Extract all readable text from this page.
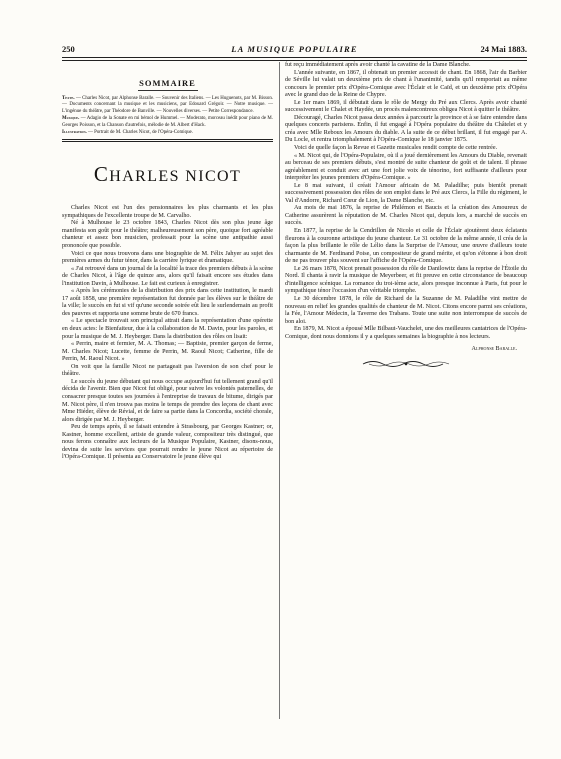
250	LA MUSIQUE POPULAIRE	24 Mai 1883.
SOMMAIRE

Texte. — Charles Nicot, par Alphonse Baralle. — Souvenir des Italiens. — Les Huguenots, par M. Bisson. — Documents concernant la musique et les musiciens, par Edouard Grégoir. — Notre musique. — L'ingénue du théâtre, par Théodore de Banville. — Nouvelles diverses. — Petite Correspondance.

Musique. — Adagio de la Sonate en mi bémol de Hummel. — Moderato, morceau inédit pour piano de M. Georges Poisson, et la Chanson d'autrefois, mélodie de M. Albert d'Hack.

Illustration. — Portrait de M. Charles Nicot, de l'Opéra-Comique.

CHARLES NICOT

Charles Nicot est l'un des pensionnaires les plus charmants et les plus sympathiques de l'excellente troupe de M. Carvalho.

Né à Mulhouse le 23 octobre 1843, Charles Nicot dès son plus jeune âge manifesta son goût pour le théâtre; malheureusement son père, quoique fort agréable chanteur et assez bon musicien, professait pour la scène une antipathie aussi prononcée que possible.

Voici ce que nous trouvons dans une biographie de M. Félix Jahyer au sujet des premières armes du futur ténor, dans la carrière lyrique et dramatique.

« J'ai retrouvé dans un journal de la localité la trace des premiers débuts à la scène de Charles Nicot, à l'âge de quinze ans, alors qu'il faisait encore ses études dans l'institution Davin, à Mulhouse. Le fait est curieux à enregistrer.

« Après les cérémonies de la distribution des prix dans cette institution, le mardi 17 août 1858, une première représentation fut donnée par les élèves sur le théâtre de la ville; le succès en fut si vif qu'une seconde soirée eût lieu le surlendemain au profit des pauvres et rapporta une somme brute de 670 francs.

« Le spectacle trouvait son principal attrait dans la représentation d'une opérette en deux actes: le Bienfaiteur, due à la collaboration de M. Davin, pour les paroles, et pour la musique de M. J. Heyberger. Dans la distribution des rôles on lisait:

« Perrin, maire et fermier, M. A. Thomas; — Baptiste, premier garçon de ferme, M. Charles Nicot; Lucette, femme de Perrin, M. Raoul Nicot; Catherine, fille de Perrin, M. Raoul Nicot. »

On voit que la famille Nicot ne partageait pas l'aversion de son chef pour le théâtre.

Le succès du jeune débutant qui nous occupe aujourd'hui fut tellement grand qu'il décida de l'avenir. Bien que Nicot fut obligé, pour suivre les volontés paternelles, de consacrer presque toutes ses journées à l'entreprise de travaux de bitume, dirigés par M. Nicot père, il n'en trouva pas moins le temps de prendre des leçons de chant avec Mme Hiéder, élève de Révial, et de faire sa partie dans la Concordia, société chorale, alors dirigée par M. J. Heyberger.

Peu de temps après, il se faisait entendre à Strasbourg, par Georges Kastner; or, Kastner, homme excellent, artiste de grande valeur, compositeur très distingué, que nous ferons connaître aux lecteurs de la Musique Populaire, Kastner, disons-nous, devina de suite les services que pourrait rendre le jeune Nicot au répertoire de l'Opéra-Comique. Il présenta au Conservatoire le jeune élève qui

fut reçu immédiatement après avoir chanté la cavatine de la Dame Blanche.

L'année suivante, en 1867, il obtenait un premier accessit de chant. En 1868, l'air du Barbier de Séville lui valait un deuxième prix de chant à l'unanimité, tandis qu'il remportait au même concours le premier prix d'Opéra-Comique avec l'Éclair et le Caïd, et un deuxième prix d'Opéra avec le grand duo de la Reine de Chypre.

Le 1er mars 1869, il débutait dans le rôle de Mergy du Pré aux Clercs. Après avoir chanté successivement le Chalet et Haydée, un procès malencontreux obligea Nicot à quitter le théâtre.

Découragé, Charles Nicot passa deux années à parcourir la province et à se faire entendre dans quelques concerts parisiens. Enfin, il fut engagé à l'Opéra populaire du théâtre du Châtelet et y créa avec Mlle Reboux les Amours du diable. A la suite de ce début brillant, il fut engagé par A. Du Locle, et rentra triomphalement à l'Opéra-Comique le 18 janvier 1875.

Voici de quelle façon la Revue et Gazette musicales rendit compte de cette rentrée.

« M. Nicot qui, de l'Opéra-Populaire, où il a joué dernièrement les Amours du Diable, revenait au berceau de ses premiers débuts, s'est montré de suite chanteur de goût et de talent. Il phrase agréablement et conduit avec art une fort jolie voix de ténorino, fort suffisante d'ailleurs pour interpréter les jeunes premiers d'Opéra-Comique. »

Le 8 mai suivant, il créait l'Amour africain de M. Paladilhe; puis bientôt prenait successivement possession des rôles de son emploi dans le Pré aux Clercs, la Fille du régiment, le Val d'Andorre, Richard Cœur de Lion, la Dame Blanche, etc.

Au mois de mai 1876, la reprise de Philémon et Baucis et la création des Amoureux de Catherine assurèrent la réputation de M. Charles Nicot qui, depuis lors, a marché de succès en succès.

En 1877, la reprise de la Cendrillon de Nicolo et celle de l'Éclair ajoutèrent deux éclatants fleurons à la couronne artistique du jeune chanteur. Le 31 octobre de la même année, il créa de la façon la plus brillante le rôle de Lélio dans la Surprise de l'Amour, une œuvre d'ailleurs toute charmante de M. Ferdinand Poise, un compositeur de grand mérite, et qu'on s'étonne à bon droit de ne pas trouver plus souvent sur l'affiche de l'Opéra-Comique.

Le 26 mars 1878, Nicot prenait possession du rôle de Danilowitz dans la reprise de l'Étoile du Nord. Il chanta à ravir la musique de Meyerbeer, et fit preuve en cette circonstance de beaucoup d'intelligence scénique. La romance du troi-ième acte, alors presque inconnue à Paris, fut pour le sympathique ténor l'occasion d'un véritable triomphe.

Le 30 décembre 1878, le rôle de Richard de la Suzanne de M. Paladilhe vint mettre de nouveau en relief les grandes qualités de chanteur de M. Nicot. Citons encore parmi ses créations, la Fée, l'Amour Médecin, la Taverne des Trabans. Toute une suite non interrompue de succès de bon aloi.

En 1879, M. Nicot a épousé Mlle Bilbaut-Vauchelet, une des meilleures cantatrices de l'Opéra-Comique, dont nous donnions il y a quelques semaines la biographie à nos lecteurs.

Alphonse Baralle.
